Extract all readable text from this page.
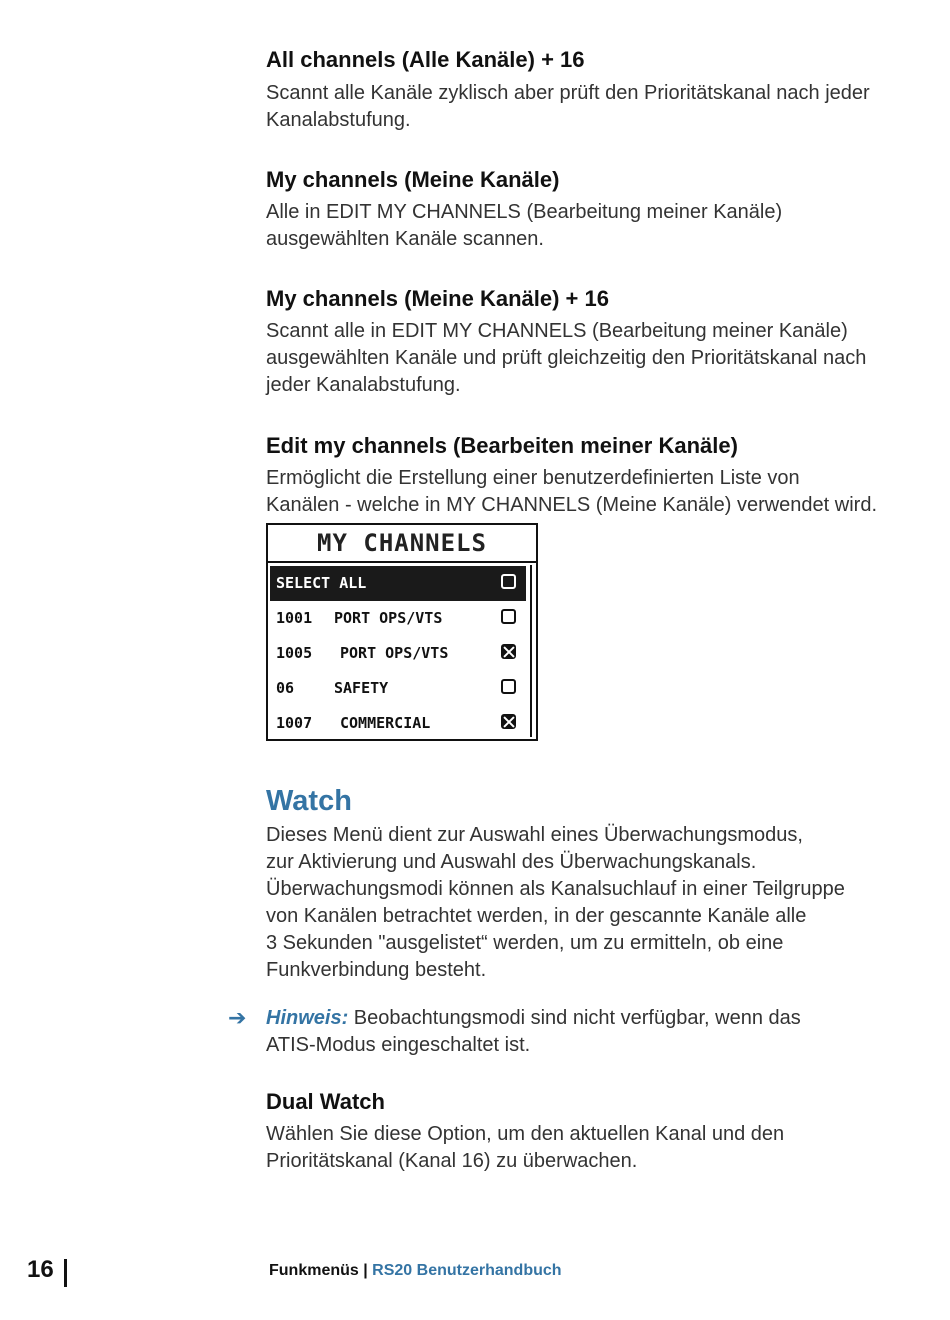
All channels (Alle Kanäle) + 16

Scannt alle Kanäle zyklisch aber prüft den Prioritätskanal nach jeder
Kanalabstufung.

My channels (Meine Kanäle)

Alle in EDIT MY CHANNELS (Bearbeitung meiner Kanäle)
ausgewählten Kanäle scannen.

My channels (Meine Kanäle) + 16

Scannt alle in EDIT MY CHANNELS (Bearbeitung meiner Kanäle)
ausgewählten Kanäle und prüft gleichzeitig den Prioritätskanal nach
jeder Kanalabstufung.

Edit my channels (Bearbeiten meiner Kanäle)

Ermöglicht die Erstellung einer benutzerdefinierten Liste von
Kanälen - welche in MY CHANNELS (Meine Kanäle) verwendet wird.

MY CHANNELS
SELECT ALL
1001 PORT OPS/VTS
1005 PORT OPS/VTS
06	SAFETY
1007 COMMERCIAL
Watch

Dieses Menü dient zur Auswahl eines Überwachungsmodus,
zur Aktivierung und Auswahl des Überwachungskanals.
Überwachungsmodi können als Kanalsuchlauf in einer Teilgruppe
von Kanälen betrachtet werden, in der gescannte Kanäle alle
3 Sekunden "ausgelistet“ werden, um zu ermitteln, ob eine
Funkverbindung besteht.

➔ Hinweis: Beobachtungsmodi sind nicht verfügbar, wenn das
ATIS-Modus eingeschaltet ist.

Dual Watch

Wählen Sie diese Option, um den aktuellen Kanal und den
Prioritätskanal (Kanal 16) zu überwachen.

16	Funkmenüs | RS20 Benutzerhandbuch
